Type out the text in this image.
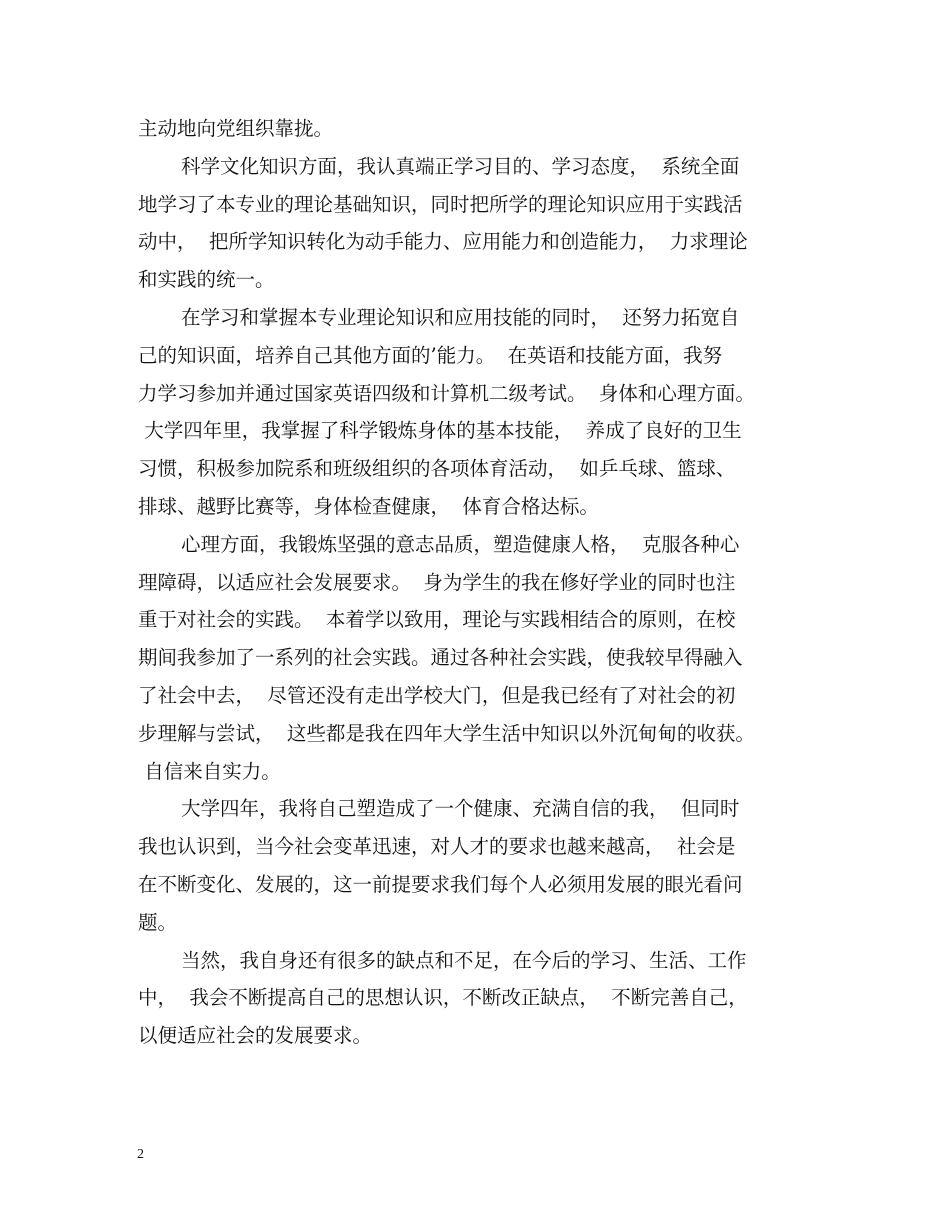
主动地向党组织靠拢。
科学文化知识方面，我认真端正学习目的、学习态度，  系统全面
地学习了本专业的理论基础知识，同时把所学的理论知识应用于实践活
动中，  把所学知识转化为动手能力、应用能力和创造能力，  力求理论
和实践的统一。
在学习和掌握本专业理论知识和应用技能的同时，  还努力拓宽自
己的知识面，培养自己其他方面的’能力。  在英语和技能方面，我努
力学习参加并通过国家英语四级和计算机二级考试。  身体和心理方面。
大学四年里，我掌握了科学锻炼身体的基本技能，  养成了良好的卫生
习惯，积极参加院系和班级组织的各项体育活动，  如乒乓球、篮球、
排球、越野比赛等，身体检查健康，  体育合格达标。
心理方面，我锻炼坚强的意志品质，塑造健康人格，  克服各种心
理障碍，以适应社会发展要求。  身为学生的我在修好学业的同时也注
重于对社会的实践。  本着学以致用，理论与实践相结合的原则，在校
期间我参加了一系列的社会实践。通过各种社会实践，使我较早得融入
了社会中去，  尽管还没有走出学校大门，但是我已经有了对社会的初
步理解与尝试，  这些都是我在四年大学生活中知识以外沉甸甸的收获。
自信来自实力。
大学四年，我将自己塑造成了一个健康、充满自信的我，  但同时
我也认识到，当今社会变革迅速，对人才的要求也越来越高，  社会是
在不断变化、发展的，这一前提要求我们每个人必须用发展的眼光看问
题。
当然，我自身还有很多的缺点和不足，在今后的学习、生活、工作
中，  我会不断提高自己的思想认识，不断改正缺点，  不断完善自己，
以便适应社会的发展要求。
2
